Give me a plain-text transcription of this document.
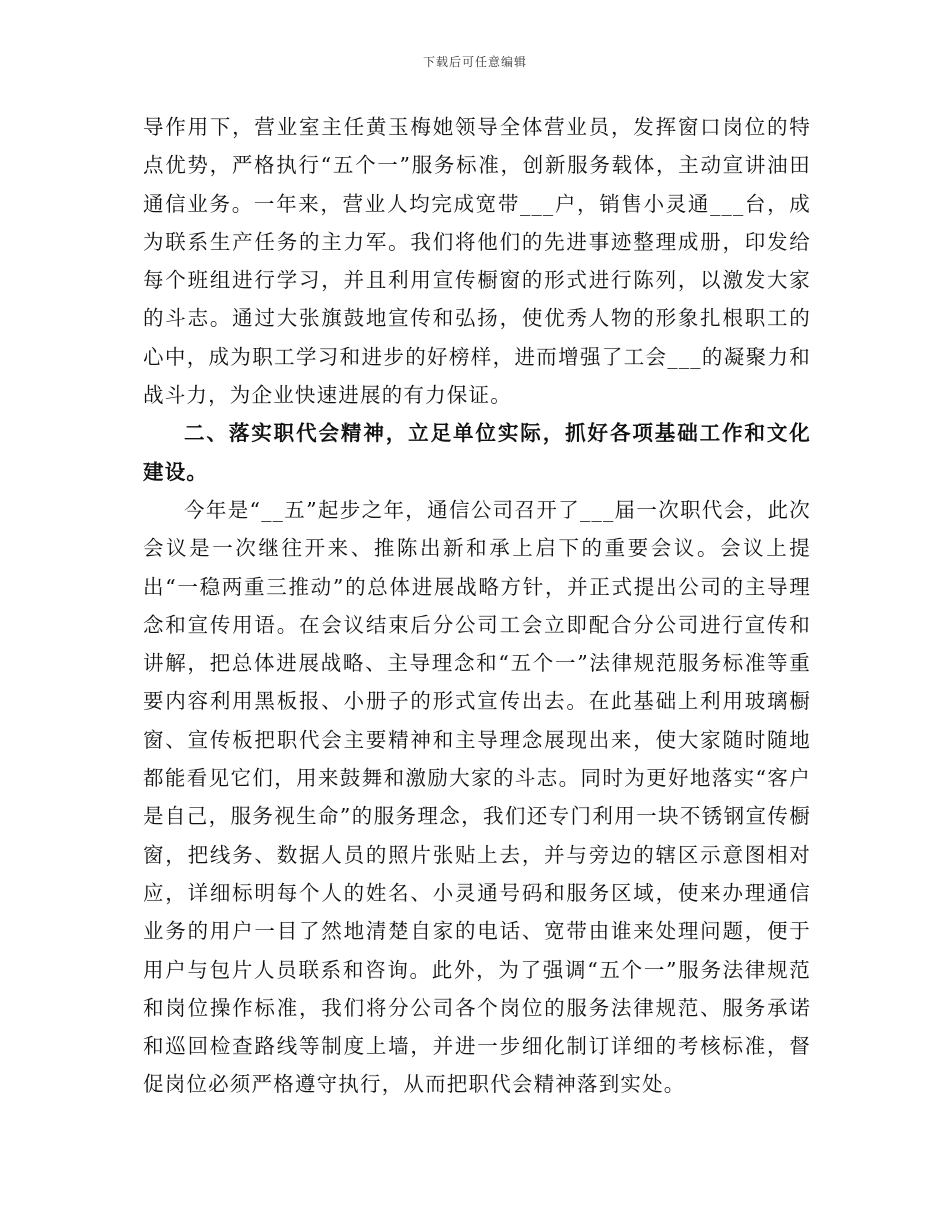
下载后可任意编辑

导作用下，营业室主任黄玉梅她领导全体营业员，发挥窗口岗位的特点优势，严格执行“五个一”服务标准，创新服务载体，主动宣讲油田通信业务。一年来，营业人均完成宽带___户，销售小灵通___台，成为联系生产任务的主力军。我们将他们的先进事迹整理成册，印发给每个班组进行学习，并且利用宣传橱窗的形式进行陈列，以激发大家的斗志。通过大张旗鼓地宣传和弘扬，使优秀人物的形象扎根职工的心中，成为职工学习和进步的好榜样，进而增强了工会___的凝聚力和战斗力，为企业快速进展的有力保证。

二、落实职代会精神，立足单位实际，抓好各项基础工作和文化建设。

今年是“__五”起步之年，通信公司召开了___届一次职代会，此次会议是一次继往开来、推陈出新和承上启下的重要会议。会议上提出“一稳两重三推动”的总体进展战略方针，并正式提出公司的主导理念和宣传用语。在会议结束后分公司工会立即配合分公司进行宣传和讲解，把总体进展战略、主导理念和“五个一”法律规范服务标准等重要内容利用黑板报、小册子的形式宣传出去。在此基础上利用玻璃橱窗、宣传板把职代会主要精神和主导理念展现出来，使大家随时随地都能看见它们，用来鼓舞和激励大家的斗志。同时为更好地落实“客户是自己，服务视生命”的服务理念，我们还专门利用一块不锈钢宣传橱窗，把线务、数据人员的照片张贴上去，并与旁边的辖区示意图相对应，详细标明每个人的姓名、小灵通号码和服务区域，使来办理通信业务的用户一目了然地清楚自家的电话、宽带由谁来处理问题，便于用户与包片人员联系和咨询。此外，为了强调“五个一”服务法律规范和岗位操作标准，我们将分公司各个岗位的服务法律规范、服务承诺和巡回检查路线等制度上墙，并进一步细化制订详细的考核标准，督促岗位必须严格遵守执行，从而把职代会精神落到实处。
